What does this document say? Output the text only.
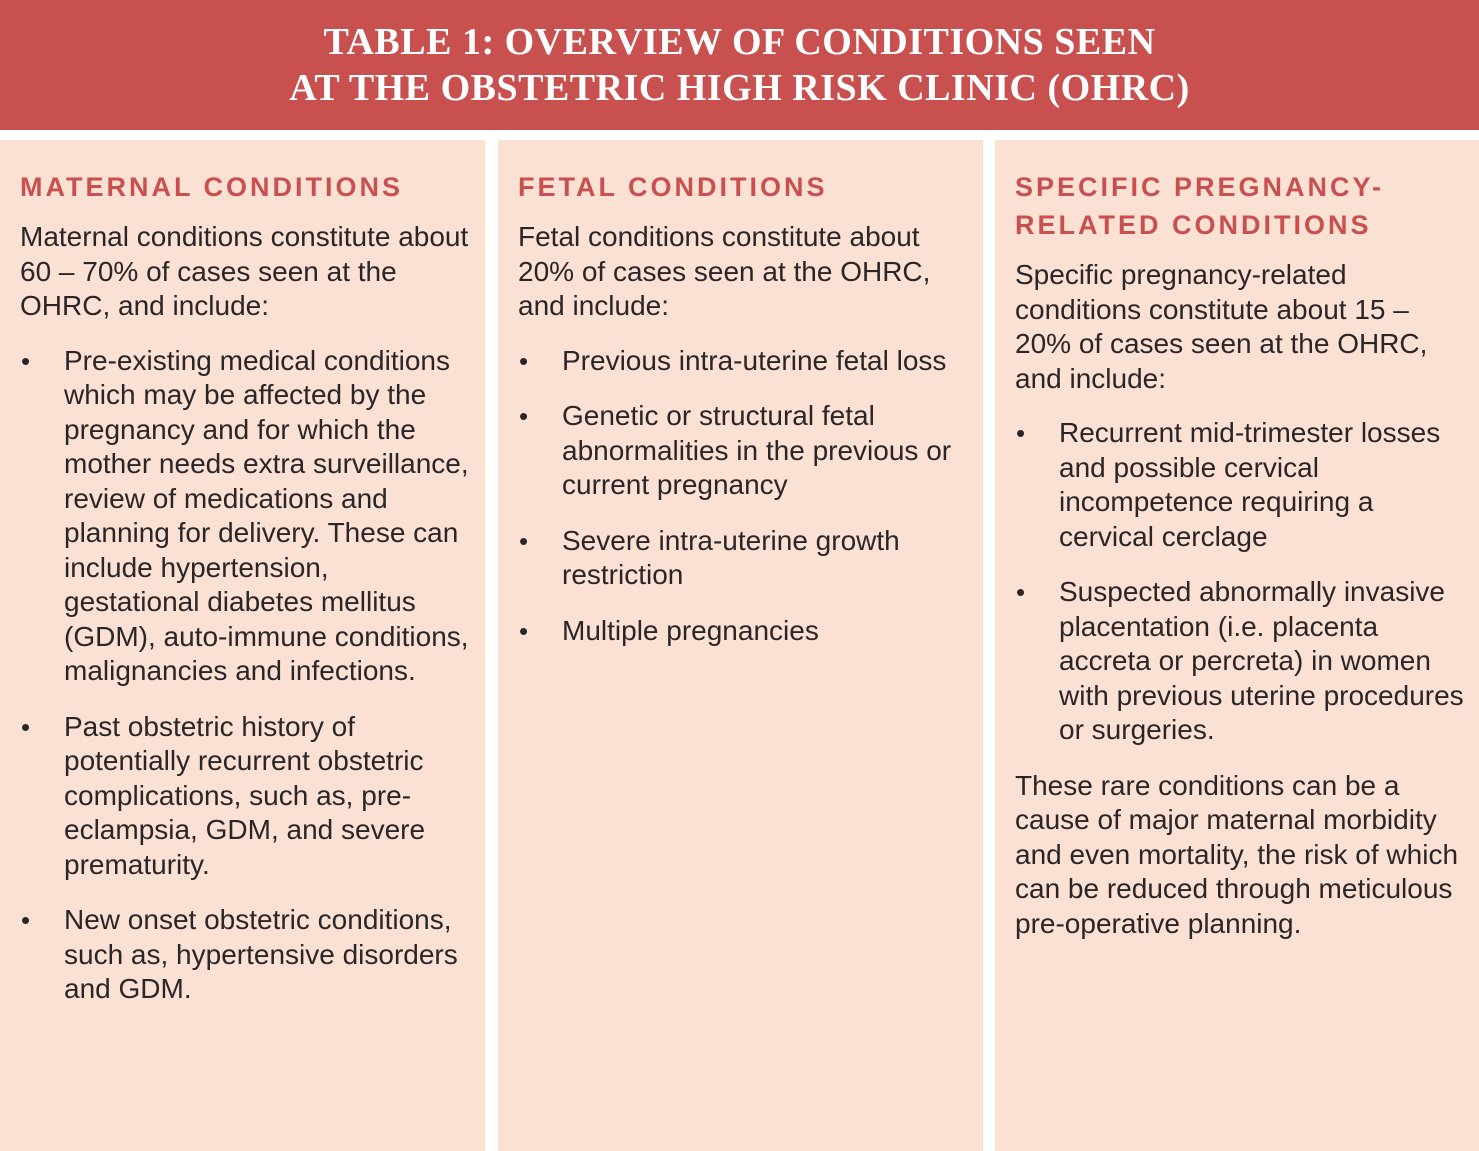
TABLE 1: OVERVIEW OF CONDITIONS SEEN
AT THE OBSTETRIC HIGH RISK CLINIC (OHRC)
MATERNAL CONDITIONS

Maternal conditions constitute about 60 – 70% of cases seen at the OHRC, and include:

• Pre-existing medical conditions which may be affected by the pregnancy and for which the mother needs extra surveillance, review of medications and planning for delivery. These can include hypertension, gestational diabetes mellitus (GDM), auto-immune conditions, malignancies and infections.
• Past obstetric history of potentially recurrent obstetric complications, such as, pre-eclampsia, GDM, and severe prematurity.
• New onset obstetric conditions, such as, hypertensive disorders and GDM.
FETAL CONDITIONS

Fetal conditions constitute about 20% of cases seen at the OHRC, and include:

• Previous intra-uterine fetal loss
• Genetic or structural fetal abnormalities in the previous or current pregnancy
• Severe intra-uterine growth restriction
• Multiple pregnancies
SPECIFIC PREGNANCY-RELATED CONDITIONS

Specific pregnancy-related conditions constitute about 15 – 20% of cases seen at the OHRC, and include:

• Recurrent mid-trimester losses and possible cervical incompetence requiring a cervical cerclage
• Suspected abnormally invasive placentation (i.e. placenta accreta or percreta) in women with previous uterine procedures or surgeries.

These rare conditions can be a cause of major maternal morbidity and even mortality, the risk of which can be reduced through meticulous pre-operative planning.
